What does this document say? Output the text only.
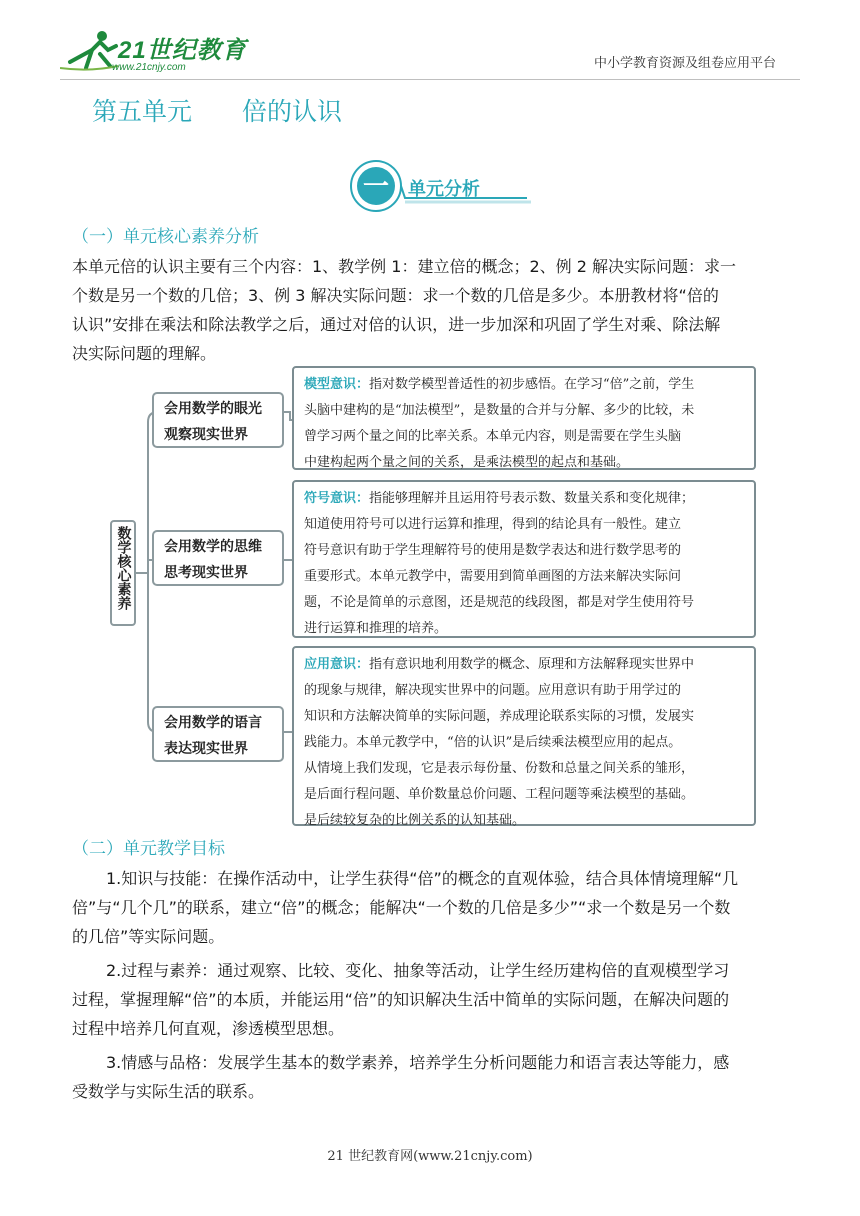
21世纪教育
www.21cnjy.com	中小学教育资源及组卷应用平台
第五单元 倍的认识
一	单元分析
（一）单元核心素养分析
本单元倍的认识主要有三个内容：1、教学例 1：建立倍的概念；2、例 2 解决实际问题：求一
个数是另一个数的几倍；3、例 3 解决实际问题：求一个数的几倍是多少。本册教材将“倍的
认识”安排在乘法和除法教学之后，通过对倍的认识，进一步加深和巩固了学生对乘、除法解
决实际问题的理解。
数学核心素养
会用数学的眼光
观察现实世界
会用数学的思维
思考现实世界
会用数学的语言
表达现实世界
模型意识：指对数学模型普适性的初步感悟。在学习“倍”之前，学生
头脑中建构的是“加法模型”，是数量的合并与分解、多少的比较，未
曾学习两个量之间的比率关系。本单元内容，则是需要在学生头脑
中建构起两个量之间的关系，是乘法模型的起点和基础。
符号意识：指能够理解并且运用符号表示数、数量关系和变化规律；
知道使用符号可以进行运算和推理，得到的结论具有一般性。建立
符号意识有助于学生理解符号的使用是数学表达和进行数学思考的
重要形式。本单元教学中，需要用到简单画图的方法来解决实际问
题，不论是简单的示意图，还是规范的线段图，都是对学生使用符号
进行运算和推理的培养。
应用意识：指有意识地利用数学的概念、原理和方法解释现实世界中
的现象与规律，解决现实世界中的问题。应用意识有助于用学过的
知识和方法解决简单的实际问题，养成理论联系实际的习惯，发展实
践能力。本单元教学中，“倍的认识”是后续乘法模型应用的起点。
从情境上我们发现，它是表示每份量、份数和总量之间关系的雏形，
是后面行程问题、单价数量总价问题、工程问题等乘法模型的基础。
是后续较复杂的比例关系的认知基础。
（二）单元教学目标
1.知识与技能：在操作活动中，让学生获得“倍”的概念的直观体验，结合具体情境理解“几
倍”与“几个几”的联系，建立“倍”的概念；能解决“一个数的几倍是多少”“求一个数是另一个数
的几倍”等实际问题。
2.过程与素养：通过观察、比较、变化、抽象等活动，让学生经历建构倍的直观模型学习
过程，掌握理解“倍”的本质，并能运用“倍”的知识解决生活中简单的实际问题，在解决问题的
过程中培养几何直观，渗透模型思想。
3.情感与品格：发展学生基本的数学素养，培养学生分析问题能力和语言表达等能力，感
受数学与实际生活的联系。
21 世纪教育网(www.21cnjy.com)
